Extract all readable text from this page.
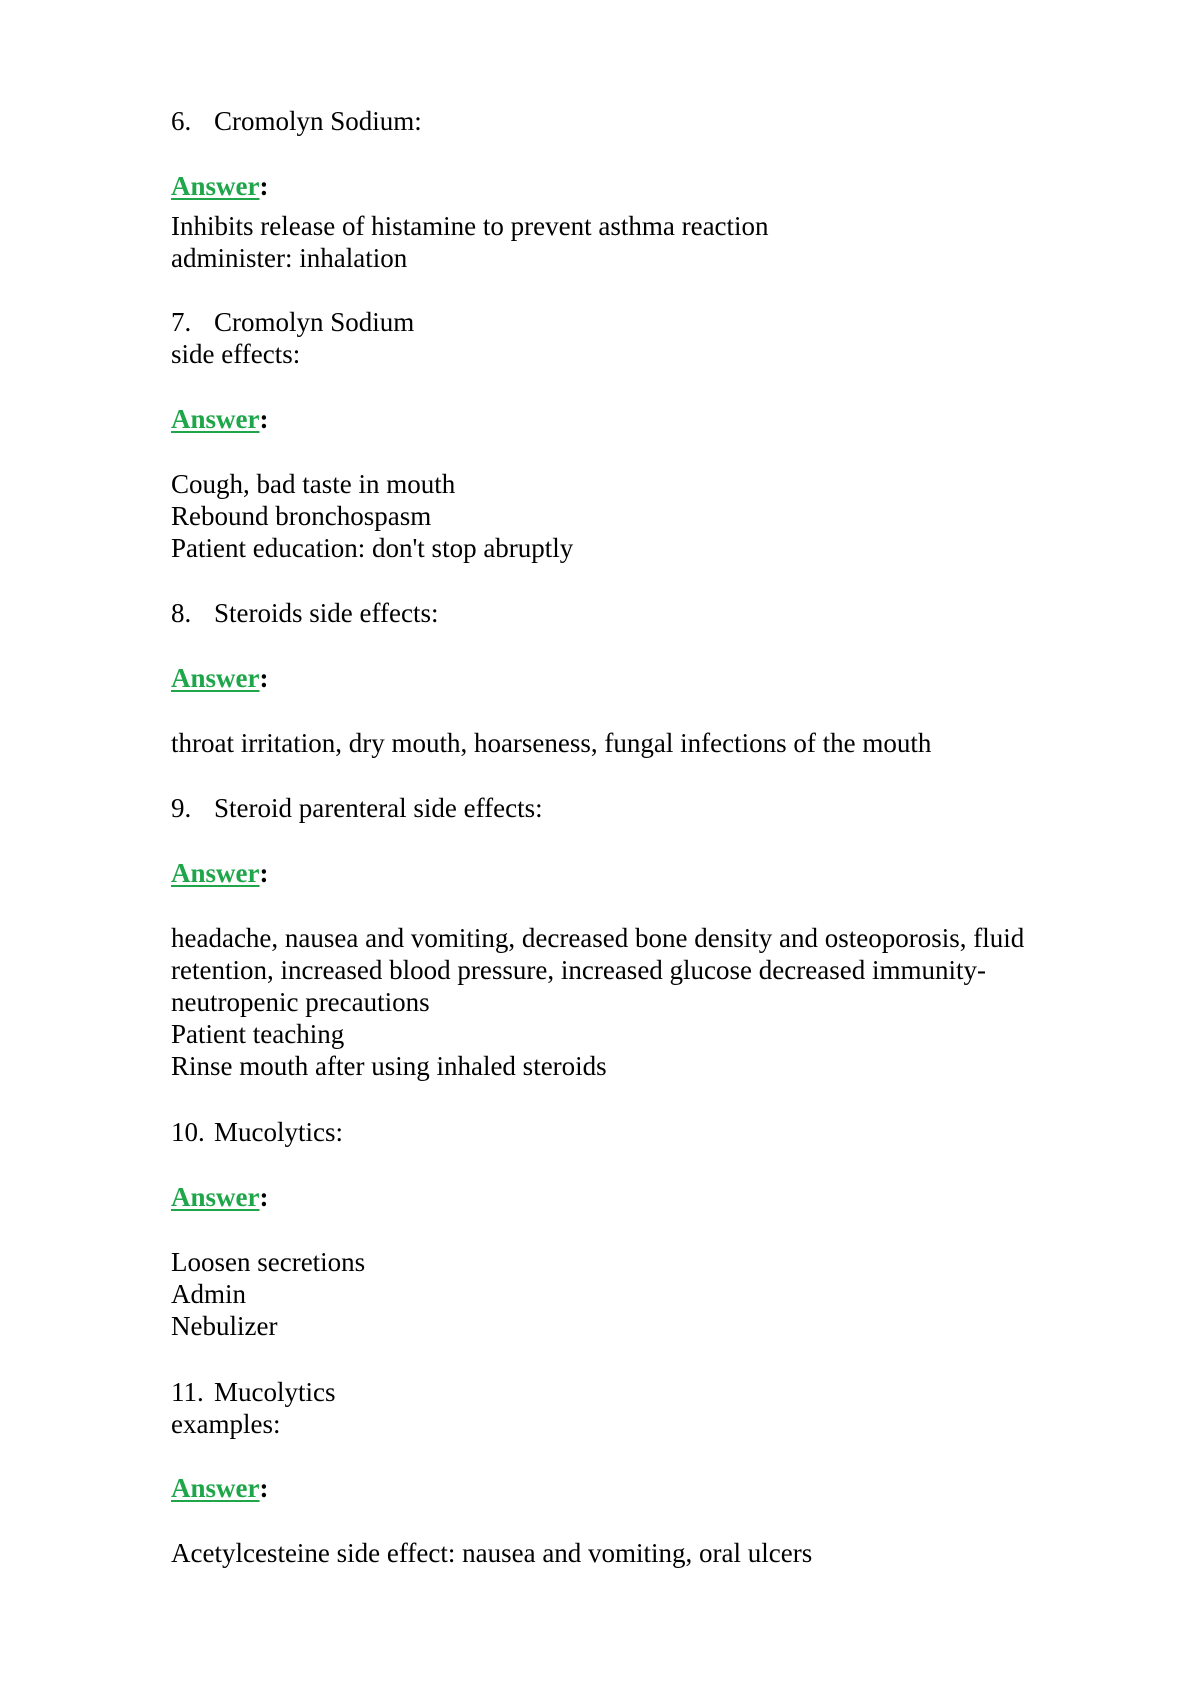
6. Cromolyn Sodium:
Answer:
Inhibits release of histamine to prevent asthma reaction
administer: inhalation
7. Cromolyn Sodium
side effects:
Answer:
Cough, bad taste in mouth
Rebound bronchospasm
Patient education: don't stop abruptly
8. Steroids side effects:
Answer:
throat irritation, dry mouth, hoarseness, fungal infections of the mouth
9. Steroid parenteral side effects:
Answer:
headache, nausea and vomiting, decreased bone density and osteoporosis, fluid
retention, increased blood pressure, increased glucose decreased immunity-
neutropenic precautions
Patient teaching
Rinse mouth after using inhaled steroids
10. Mucolytics:
Answer:
Loosen secretions
Admin
Nebulizer
11. Mucolytics
examples:
Answer:
Acetylcesteine side effect: nausea and vomiting, oral ulcers
